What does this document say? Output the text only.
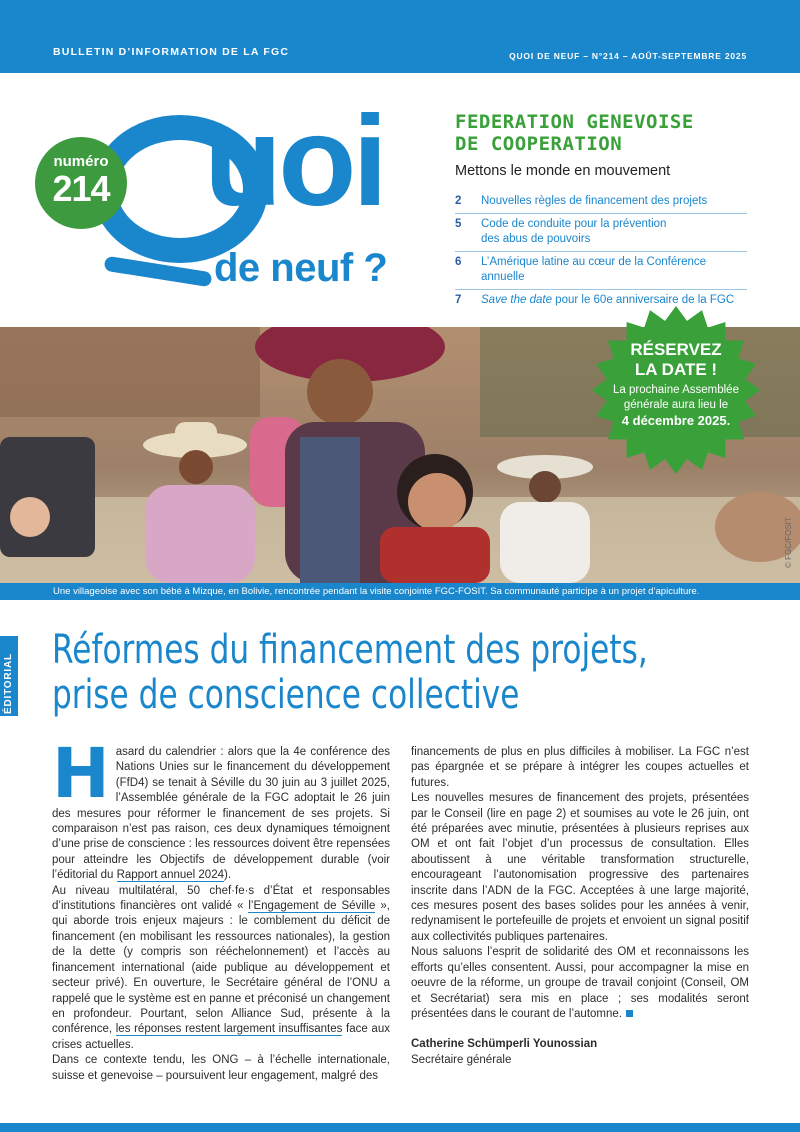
BULLETIN D’INFORMATION DE LA FGC	QUOI DE NEUF – N°214 – AOÛT-SEPTEMBRE 2025
uoi
de neuf ?
numéro
214
FEDERATION GENEVOISE
DE COOPERATION
Mettons le monde en mouvement
2	Nouvelles règles de financement des projets
5	Code de conduite pour la prévention
des abus de pouvoirs
6	L’Amérique latine au cœur de la Conférence annuelle
7	Save the date pour le 60e anniversaire de la FGC
© FGC/FOSIT
RÉSERVEZ
LA DATE !
La prochaine Assemblée générale aura lieu le
4 décembre 2025.
Une villageoise avec son bébé à Mizque, en Bolivie, rencontrée pendant la visite conjointe FGC-FOSIT. Sa communauté participe à un projet d’apiculture.
ÉDITORIAL
Réformes du financement des projets,
prise de conscience collective

Hasard du calendrier : alors que la 4e conférence des Nations Unies sur le financement du développement (FfD4) se tenait à Séville du 30 juin au 3 juillet 2025, l’Assemblée générale de la FGC adoptait le 26 juin des mesures pour réformer le financement de ses projets. Si comparaison n’est pas raison, ces deux dynamiques témoignent d’une prise de conscience : les ressources doivent être repensées pour atteindre les Objectifs de développement durable (voir l’éditorial du Rapport annuel 2024).

Au niveau multilatéral, 50 chef·fe·s d’État et responsables d’institutions financières ont validé « l’Engagement de Séville », qui aborde trois enjeux majeurs : le comblement du déficit de financement (en mobilisant les ressources nationales), la gestion de la dette (y compris son rééchelonnement) et l’accès au financement international (aide publique au développement et secteur privé). En ouverture, le Secrétaire général de l’ONU a rappelé que le système est en panne et préconisé un changement en profondeur. Pourtant, selon Alliance Sud, présente à la conférence, les réponses restent largement insuffisantes face aux crises actuelles.

Dans ce contexte tendu, les ONG – à l’échelle internationale, suisse et genevoise – poursuivent leur engagement, malgré des

financements de plus en plus difficiles à mobiliser. La FGC n’est pas épargnée et se prépare à intégrer les coupes actuelles et futures.

Les nouvelles mesures de financement des projets, présentées par le Conseil (lire en page 2) et soumises au vote le 26 juin, ont été préparées avec minutie, présentées à plusieurs reprises aux OM et ont fait l’objet d’un processus de consultation. Elles aboutissent à une véritable transformation structurelle, encourageant l’autonomisation progressive des partenaires inscrite dans l’ADN de la FGC. Acceptées à une large majorité, ces mesures posent des bases solides pour les années à venir, redynamisent le portefeuille de projets et envoient un signal positif aux collectivités publiques partenaires.

Nous saluons l’esprit de solidarité des OM et reconnaissons les efforts qu’elles consentent. Aussi, pour accompagner la mise en oeuvre de la réforme, un groupe de travail conjoint (Conseil, OM et Secrétariat) sera mis en place ; ses modalités seront présentées dans le courant de l’automne.

Catherine Schümperli Younossian
Secrétaire générale
